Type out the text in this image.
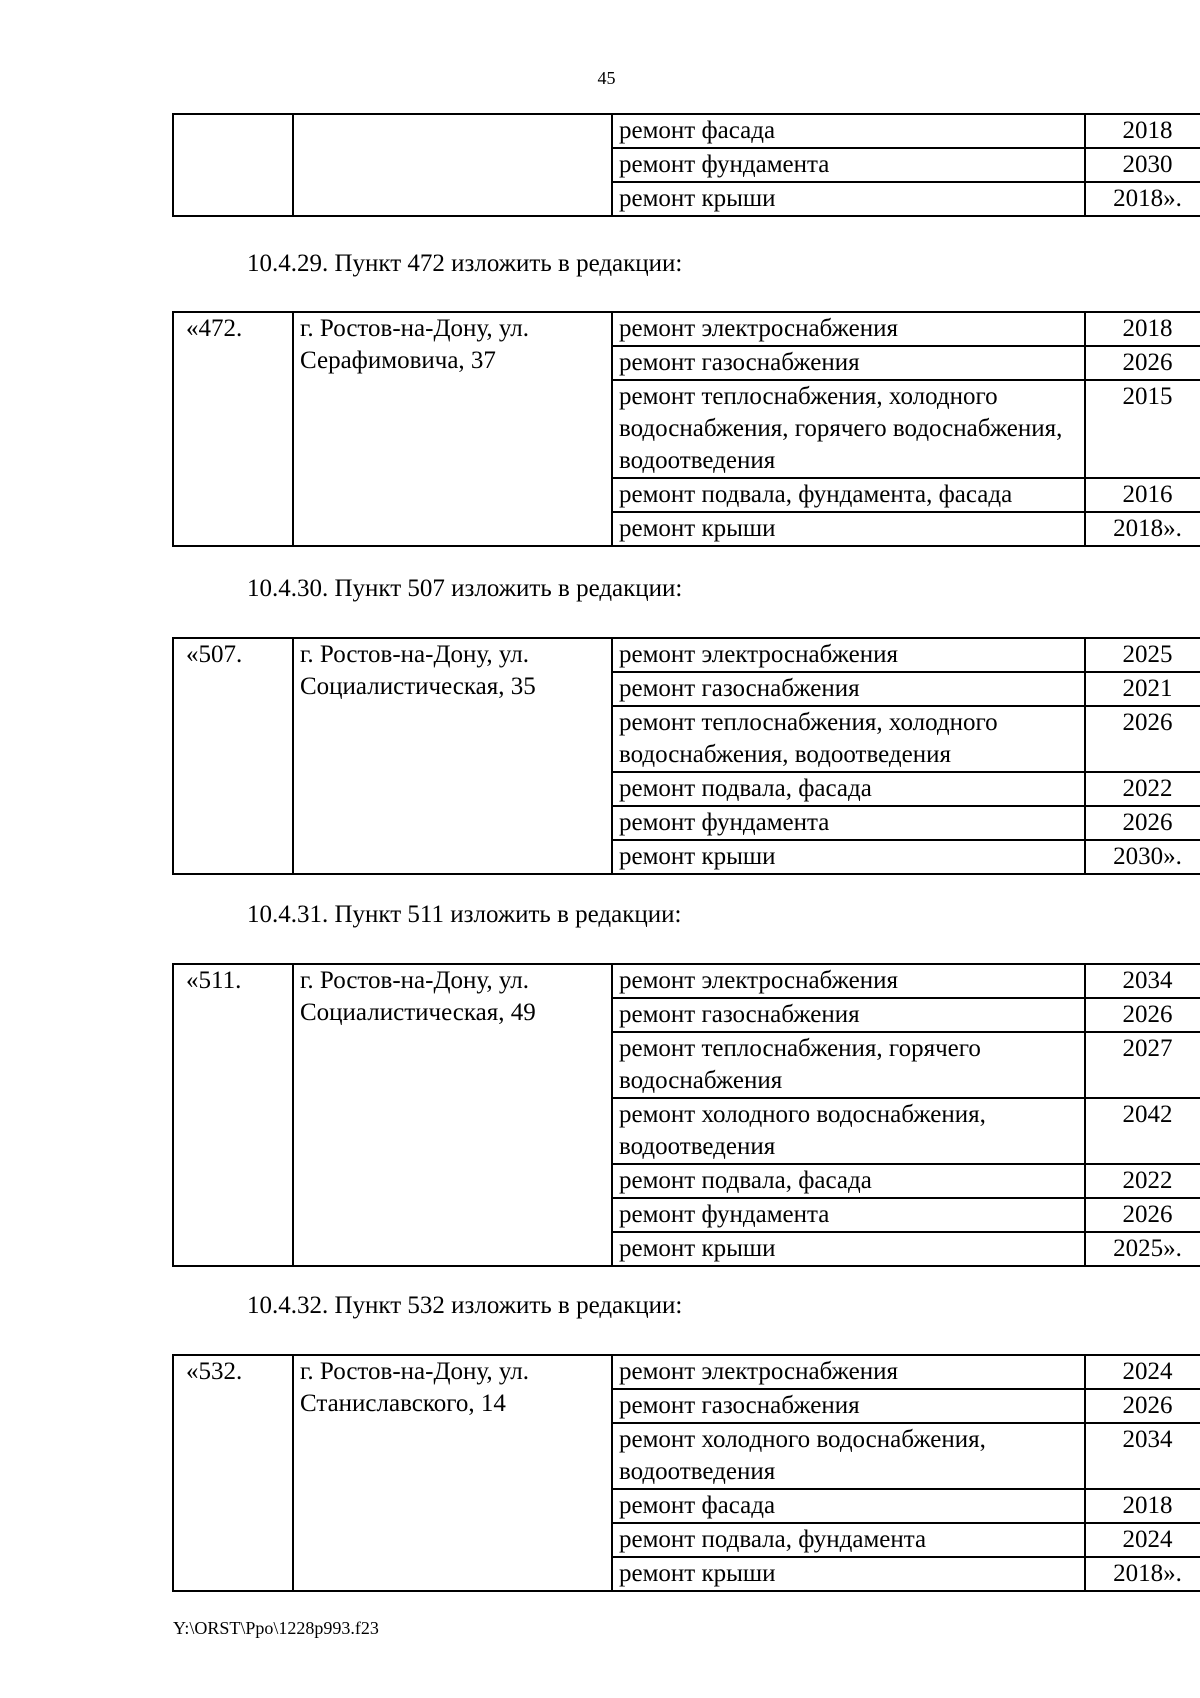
45
		ремонт фасада	2018
		ремонт фундамента	2030
		ремонт крыши	2018».
10.4.29. Пункт 472 изложить в редакции:
«472.	г. Ростов-на-Дону, ул. Серафимовича, 37	ремонт электроснабжения	2018
		ремонт газоснабжения	2026
		ремонт теплоснабжения, холодного водоснабжения, горячего водоснабжения, водоотведения	2015
		ремонт подвала, фундамента, фасада	2016
		ремонт крыши	2018».
10.4.30. Пункт 507 изложить в редакции:
«507.	г. Ростов-на-Дону, ул. Социалистическая, 35	ремонт электроснабжения	2025
		ремонт газоснабжения	2021
		ремонт теплоснабжения, холодного водоснабжения, водоотведения	2026
		ремонт подвала, фасада	2022
		ремонт фундамента	2026
		ремонт крыши	2030».
10.4.31. Пункт 511 изложить в редакции:
«511.	г. Ростов-на-Дону, ул. Социалистическая, 49	ремонт электроснабжения	2034
		ремонт газоснабжения	2026
		ремонт теплоснабжения, горячего водоснабжения	2027
		ремонт холодного водоснабжения, водоотведения	2042
		ремонт подвала, фасада	2022
		ремонт фундамента	2026
		ремонт крыши	2025».
10.4.32. Пункт 532 изложить в редакции:
«532.	г. Ростов-на-Дону, ул. Станиславского, 14	ремонт электроснабжения	2024
		ремонт газоснабжения	2026
		ремонт холодного водоснабжения, водоотведения	2034
		ремонт фасада	2018
		ремонт подвала, фундамента	2024
		ремонт крыши	2018».
Y:\ORST\Ppo\1228p993.f23
